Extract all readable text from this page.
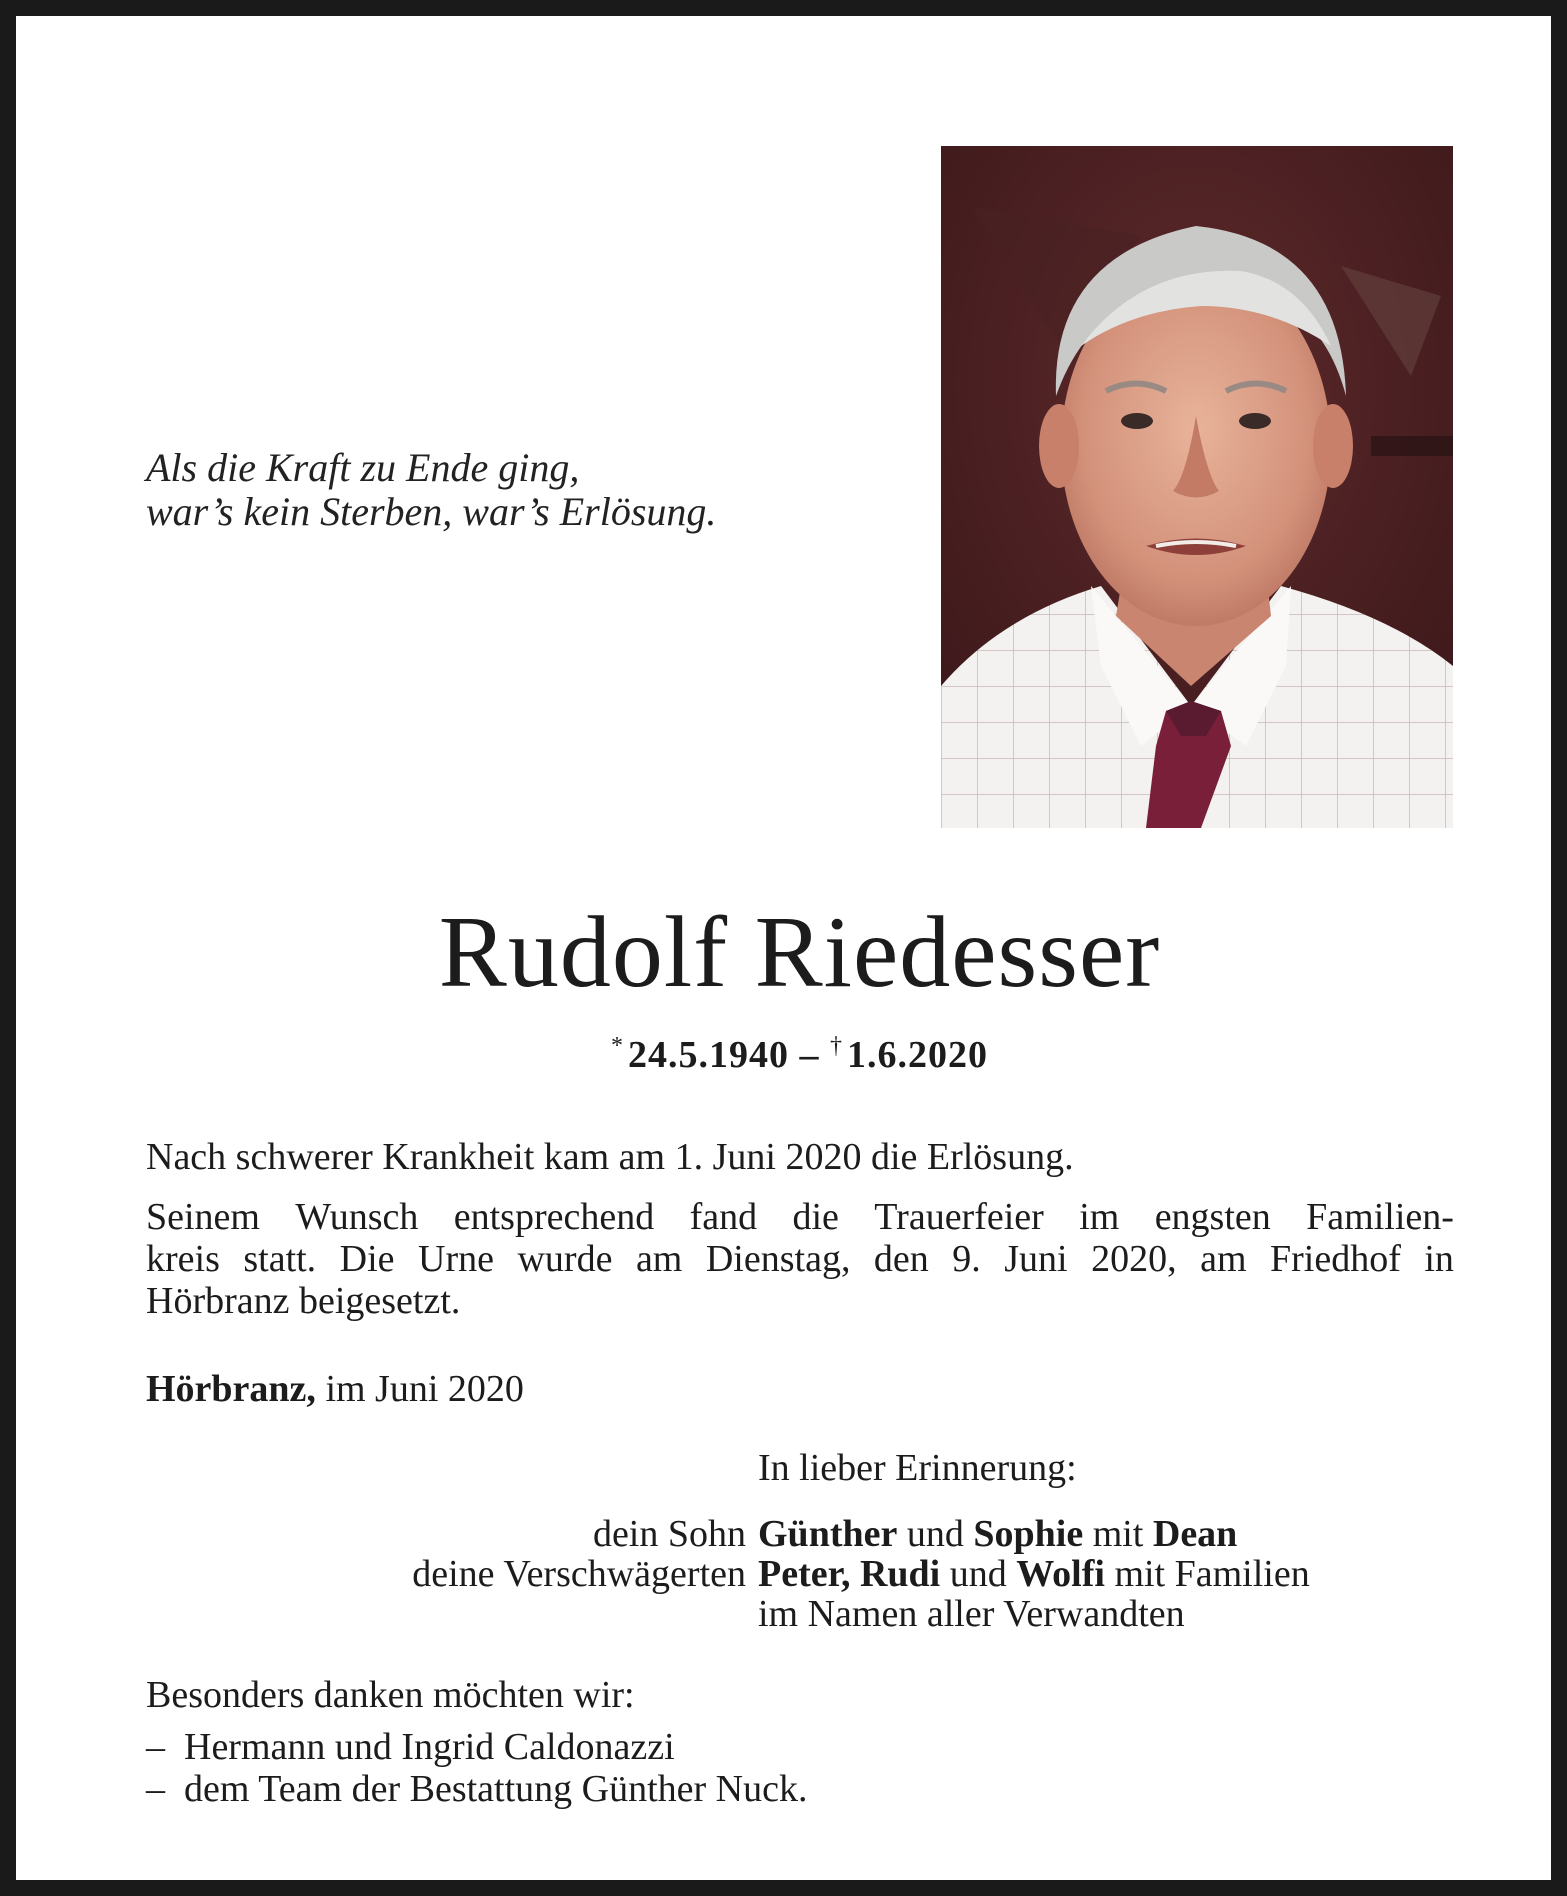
Als die Kraft zu Ende ging,
war’s kein Sterben, war’s Erlösung.
Rudolf Riedesser
* 24.5.1940 – † 1.6.2020
Nach schwerer Krankheit kam am 1. Juni 2020 die Erlösung.
Seinem Wunsch entsprechend fand die Trauerfeier im engsten Familien-
kreis statt. Die Urne wurde am Dienstag, den 9. Juni 2020, am Friedhof in
Hörbranz beigesetzt.
Hörbranz, im Juni 2020
In lieber Erinnerung:
dein Sohn Günther und Sophie mit Dean
deine Verschwägerten Peter, Rudi und Wolfi mit Familien
im Namen aller Verwandten
Besonders danken möchten wir:
– Hermann und Ingrid Caldonazzi
– dem Team der Bestattung Günther Nuck.
